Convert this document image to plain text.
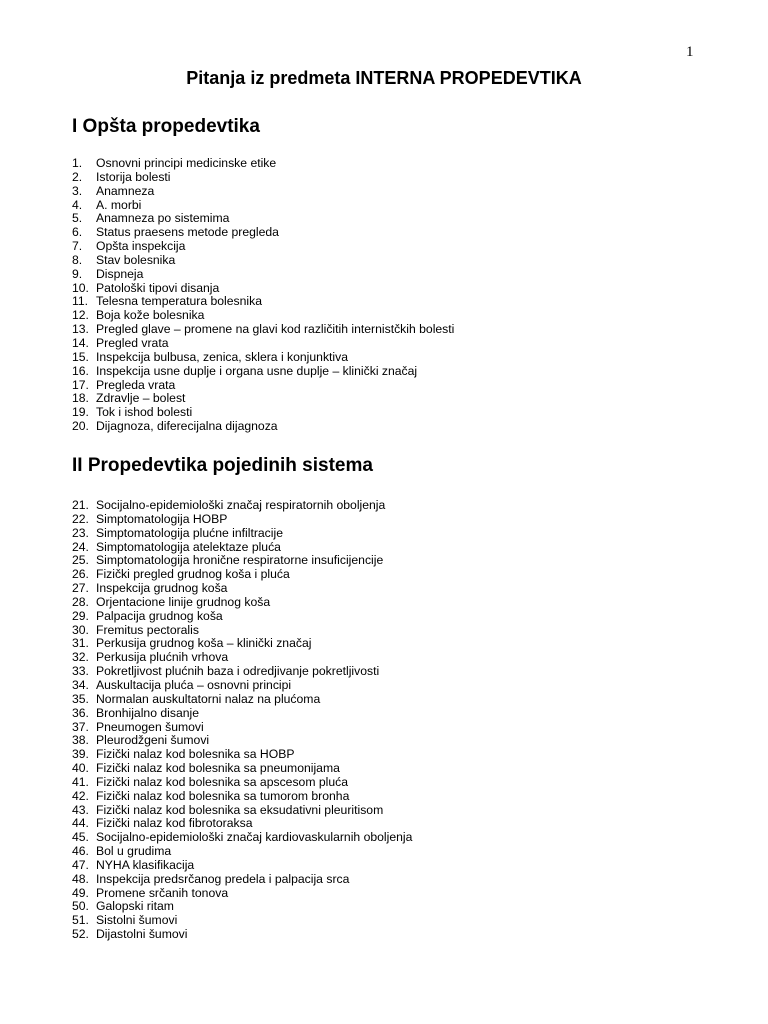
1
Pitanja iz predmeta INTERNA PROPEDEVTIKA
I Opšta propedevtika
1.	Osnovni principi medicinske etike
2.	Istorija bolesti
3.	Anamneza
4.	A. morbi
5.	Anamneza po sistemima
6.	Status praesens metode pregleda
7.	Opšta inspekcija
8.	Stav bolesnika
9.	Dispneja
10. Patološki tipovi disanja
11. Telesna temperatura bolesnika
12. Boja kože bolesnika
13. Pregled glave – promene na glavi kod različitih internistčkih bolesti
14. Pregled vrata
15. Inspekcija bulbusa, zenica, sklera i konjunktiva
16. Inspekcija usne duplje i organa usne duplje – klinički značaj
17. Pregleda vrata
18. Zdravlje – bolest
19. Tok i ishod bolesti
20. Dijagnoza, diferecijalna dijagnoza
II Propedevtika pojedinih sistema
21. Socijalno-epidemiološki značaj respiratornih oboljenja
22. Simptomatologija HOBP
23. Simptomatologija plućne infiltracije
24. Simptomatologija atelektaze pluća
25. Simptomatologija hronične respiratorne insuficijencije
26. Fizički pregled grudnog koša i pluća
27. Inspekcija grudnog koša
28. Orjentacione linije grudnog koša
29. Palpacija grudnog koša
30. Fremitus pectoralis
31. Perkusija grudnog koša – klinički značaj
32. Perkusija plućnih vrhova
33. Pokretljivost plućnih baza i odredjivanje pokretljivosti
34. Auskultacija pluća – osnovni principi
35. Normalan auskultatorni nalaz na plućoma
36. Bronhijalno disanje
37. Pneumogen šumovi
38. Pleurodžgeni šumovi
39. Fizički nalaz kod bolesnika sa HOBP
40. Fizički nalaz kod bolesnika sa pneumonijama
41. Fizički nalaz kod bolesnika sa apscesom pluća
42. Fizički nalaz kod bolesnika sa tumorom bronha
43. Fizički nalaz kod bolesnika sa eksudativni pleuritisom
44. Fizički nalaz kod fibrotoraksa
45. Socijalno-epidemiološki značaj kardiovaskularnih oboljenja
46. Bol u grudima
47. NYHA klasifikacija
48. Inspekcija predsrčanog predela i palpacija srca
49. Promene srčanih tonova
50. Galopski ritam
51. Sistolni šumovi
52. Dijastolni šumovi
